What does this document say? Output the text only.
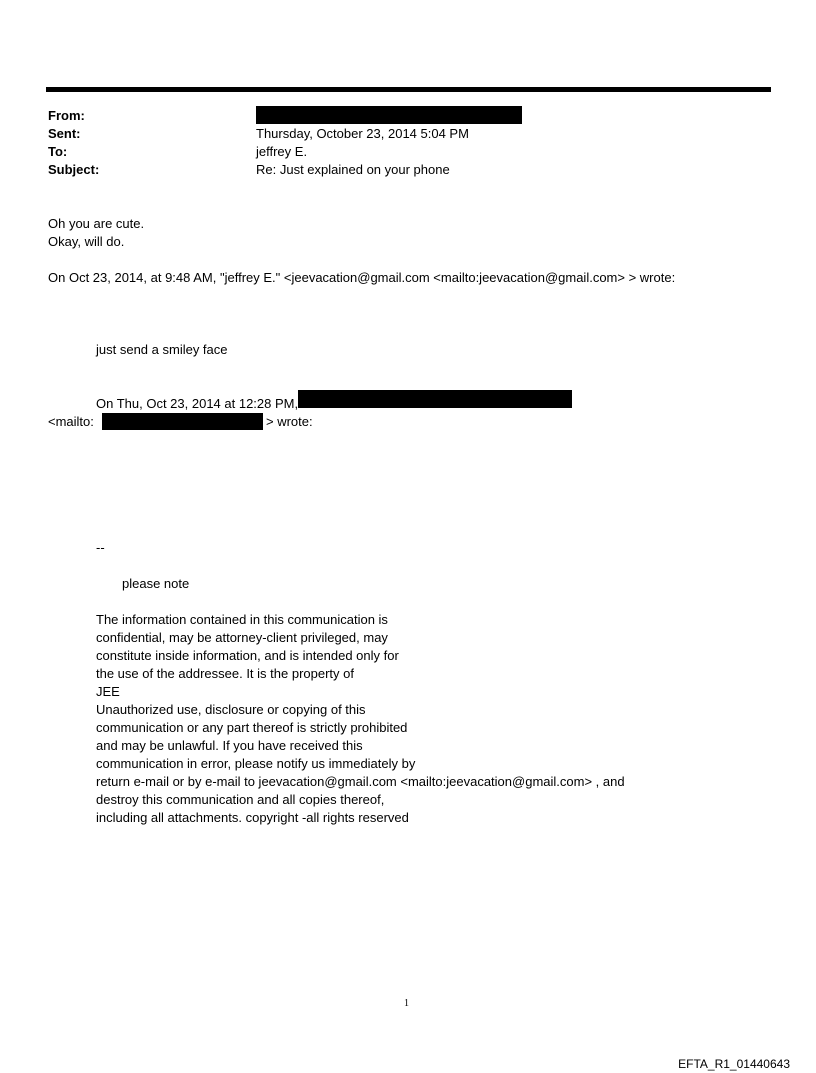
From:
Sent:	Thursday, October 23, 2014 5:04 PM
To:	jeffrey E.
Subject:	Re: Just explained on your phone
Oh you are cute.
Okay, will do.
On Oct 23, 2014, at 9:48 AM, "jeffrey E." <jeevacation@gmail.com <mailto:jeevacation@gmail.com> > wrote:
just send a smiley face
On Thu, Oct 23, 2014 at 12:28 PM,
<mailto:	> wrote:
--
please note
The information contained in this communication is
confidential, may be attorney-client privileged, may
constitute inside information, and is intended only for
the use of the addressee. It is the property of
JEE
Unauthorized use, disclosure or copying of this
communication or any part thereof is strictly prohibited
and may be unlawful. If you have received this
communication in error, please notify us immediately by
return e-mail or by e-mail to jeevacation@gmail.com <mailto:jeevacation@gmail.com> , and
destroy this communication and all copies thereof,
including all attachments. copyright -all rights reserved
1
EFTA_R1_01440643
